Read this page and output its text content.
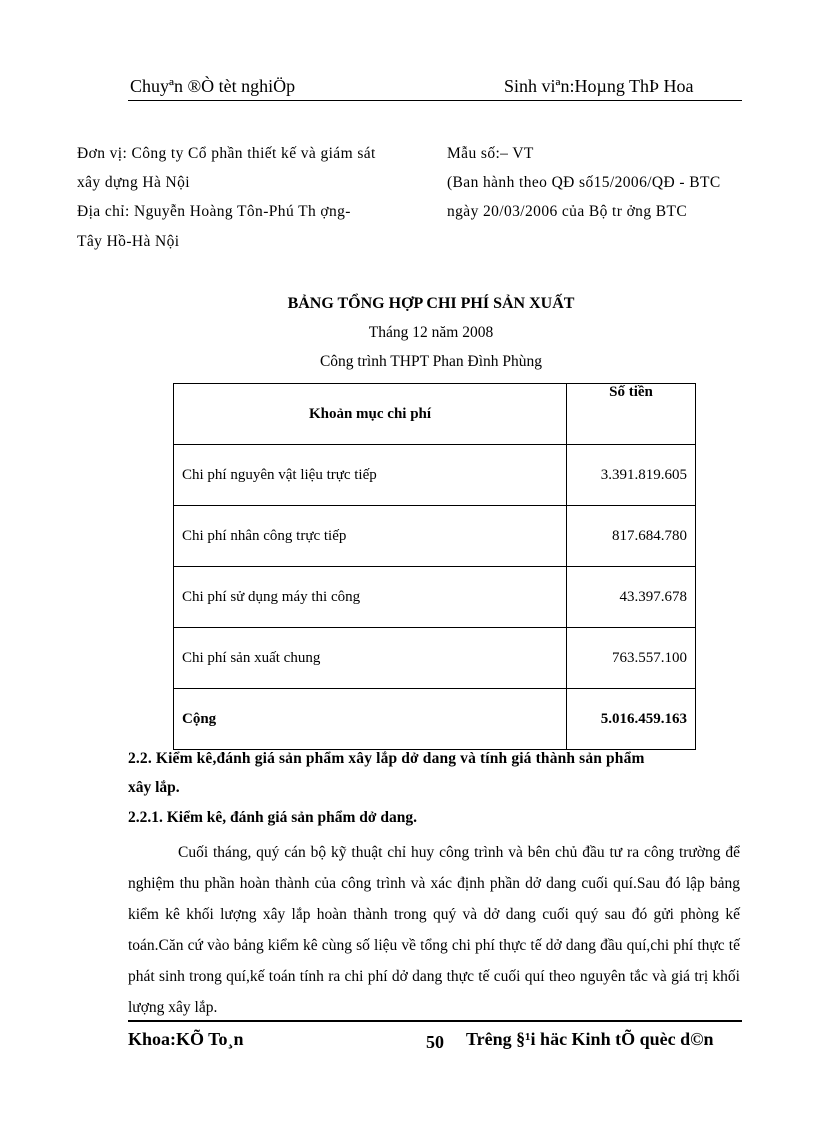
Chuyªn ®Ò tèt nghiÖp	Sinh viªn:Hoµng ThÞ Hoa
Đơn vị: Công ty Cổ phần thiết kế và giám sát
xây dựng Hà Nội
Địa chỉ: Nguyễn Hoàng Tôn-Phú Th ợng-
Tây Hồ-Hà Nội
Mẫu số:– VT
(Ban hành theo QĐ số15/2006/QĐ - BTC
ngày 20/03/2006 của Bộ tr ởng BTC
BẢNG TỔNG HỢP CHI PHÍ SẢN XUẤT
Tháng 12 năm 2008
Công trình THPT Phan Đình Phùng
Khoản mục chi phí	Số tiền
Chi phí nguyên vật liệu trực tiếp	3.391.819.605
Chi phí nhân công trực tiếp	817.684.780
Chi phí sử dụng máy thi công	43.397.678
Chi phí sản xuất chung	763.557.100
Cộng	5.016.459.163
2.2. Kiểm kê,đánh giá sản phẩm xây lắp dở dang và tính giá thành sản phẩm
xây lắp.
2.2.1. Kiểm kê, đánh giá sản phẩm dở dang.

Cuối tháng, quý cán bộ kỹ thuật chỉ huy công trình và bên chủ đầu tư ra công trường để nghiệm thu phần hoàn thành của công trình và xác định phần dở dang cuối quí.Sau đó lập bảng kiểm kê khối lượng xây lắp hoàn thành trong quý và dở dang cuối quý sau đó gửi phòng kế toán.Căn cứ vào bảng kiểm kê cùng số liệu về tổng chi phí thực tế dở dang đầu quí,chi phí thực tế phát sinh trong quí,kế toán tính ra chi phí dở dang thực tế cuối quí theo nguyên tắc và giá trị khối lượng xây lắp.

Khoa:KÕ To¸n	50 Trêng §¹i häc Kinh tÕ quèc d©n
